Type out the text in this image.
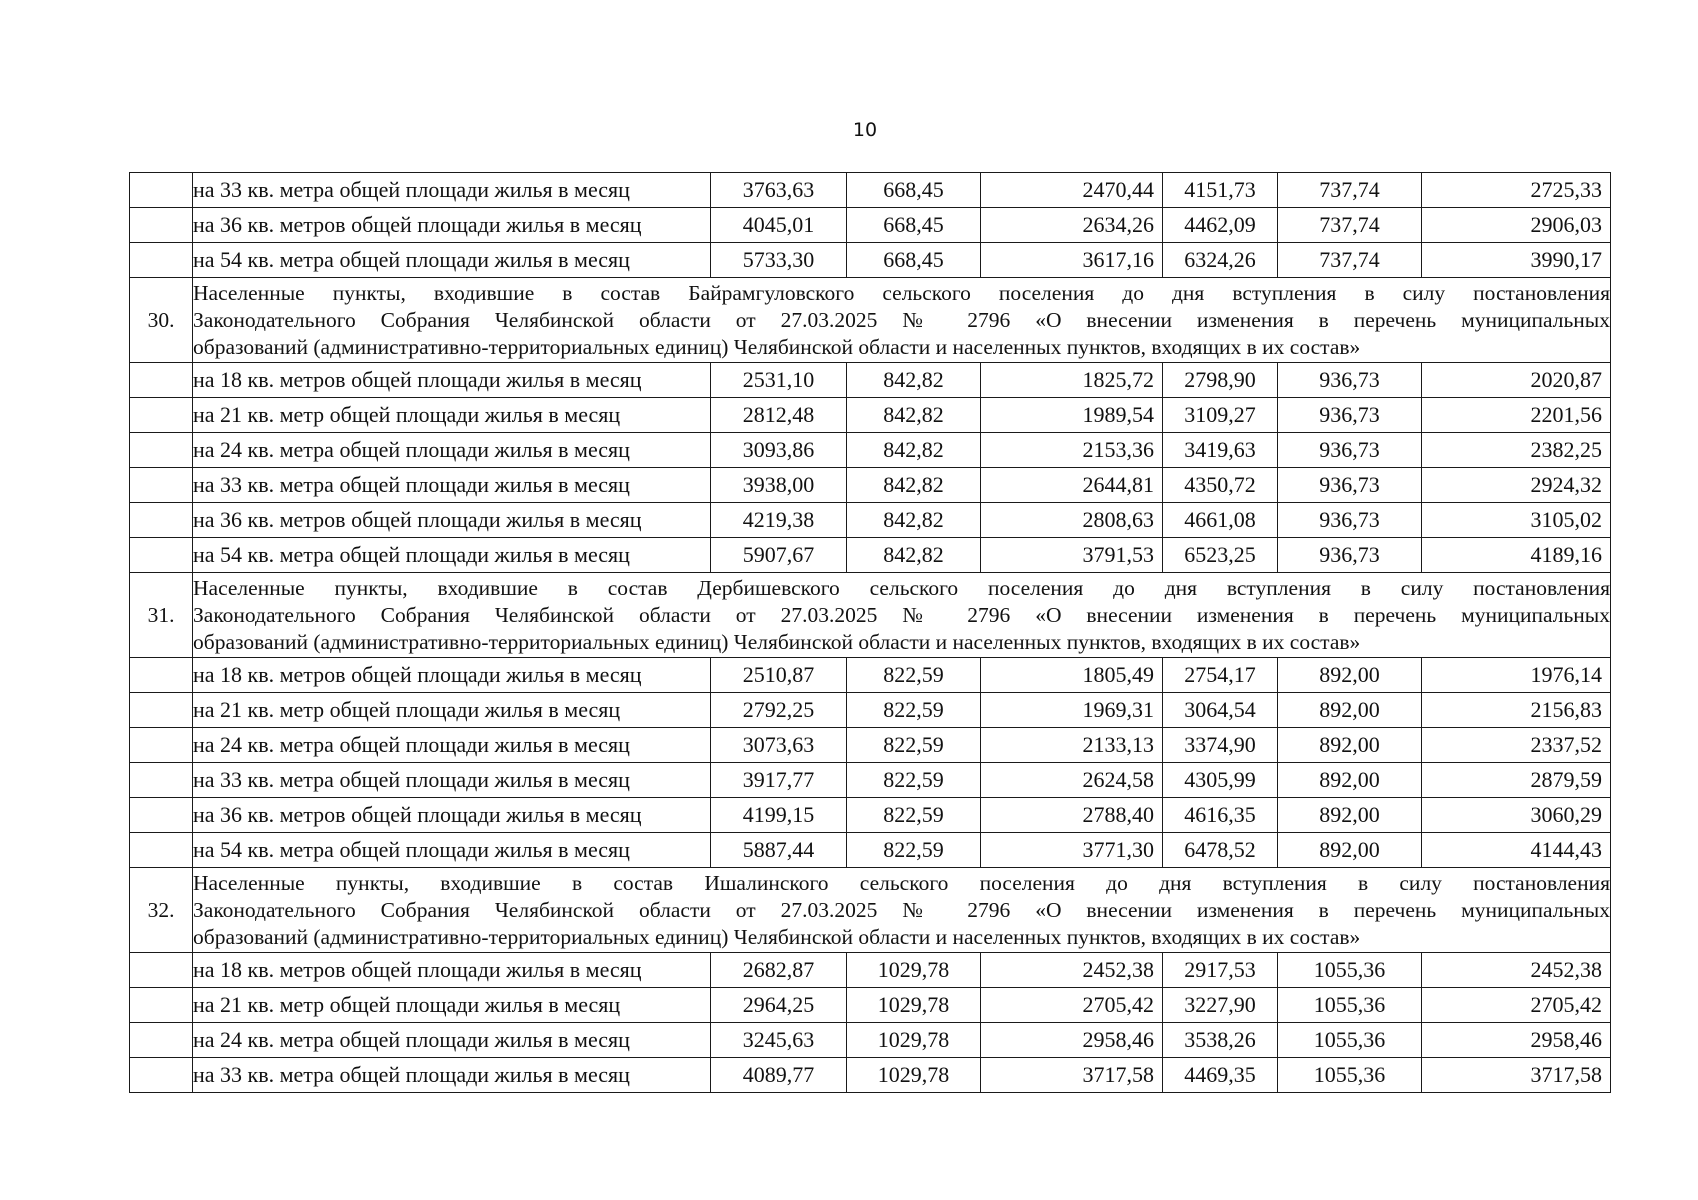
10
	на 33 кв. метра общей площади жилья в месяц	3763,63	668,45	2470,44	4151,73	737,74	2725,33
	на 36 кв. метров общей площади жилья в месяц	4045,01	668,45	2634,26	4462,09	737,74	2906,03
	на 54 кв. метра общей площади жилья в месяц	5733,30	668,45	3617,16	6324,26	737,74	3990,17
30.	Населенные пункты, входившие в состав Байрамгуловского сельского поселения до дня вступления в силу постановления
Законодательного Собрания Челябинской области от 27.03.2025 № 2796 «О внесении изменения в перечень муниципальных
образований (административно-территориальных единиц) Челябинской области и населенных пунктов, входящих в их состав»						

	на 18 кв. метров общей площади жилья в месяц	2531,10	842,82	1825,72	2798,90	936,73	2020,87
	на 21 кв. метр общей площади жилья в месяц	2812,48	842,82	1989,54	3109,27	936,73	2201,56
	на 24 кв. метра общей площади жилья в месяц	3093,86	842,82	2153,36	3419,63	936,73	2382,25
	на 33 кв. метра общей площади жилья в месяц	3938,00	842,82	2644,81	4350,72	936,73	2924,32
	на 36 кв. метров общей площади жилья в месяц	4219,38	842,82	2808,63	4661,08	936,73	3105,02
	на 54 кв. метра общей площади жилья в месяц	5907,67	842,82	3791,53	6523,25	936,73	4189,16
31.	Населенные пункты, входившие в состав Дербишевского сельского поселения до дня вступления в силу постановления
Законодательного Собрания Челябинской области от 27.03.2025 № 2796 «О внесении изменения в перечень муниципальных
образований (административно-территориальных единиц) Челябинской области и населенных пунктов, входящих в их состав»						

	на 18 кв. метров общей площади жилья в месяц	2510,87	822,59	1805,49	2754,17	892,00	1976,14
	на 21 кв. метр общей площади жилья в месяц	2792,25	822,59	1969,31	3064,54	892,00	2156,83
	на 24 кв. метра общей площади жилья в месяц	3073,63	822,59	2133,13	3374,90	892,00	2337,52
	на 33 кв. метра общей площади жилья в месяц	3917,77	822,59	2624,58	4305,99	892,00	2879,59
	на 36 кв. метров общей площади жилья в месяц	4199,15	822,59	2788,40	4616,35	892,00	3060,29
	на 54 кв. метра общей площади жилья в месяц	5887,44	822,59	3771,30	6478,52	892,00	4144,43
32.	Населенные пункты, входившие в состав Ишалинского сельского поселения до дня вступления в силу постановления
Законодательного Собрания Челябинской области от 27.03.2025 № 2796 «О внесении изменения в перечень муниципальных
образований (административно-территориальных единиц) Челябинской области и населенных пунктов, входящих в их состав»						

	на 18 кв. метров общей площади жилья в месяц	2682,87	1029,78	2452,38	2917,53	1055,36	2452,38
	на 21 кв. метр общей площади жилья в месяц	2964,25	1029,78	2705,42	3227,90	1055,36	2705,42
	на 24 кв. метра общей площади жилья в месяц	3245,63	1029,78	2958,46	3538,26	1055,36	2958,46
	на 33 кв. метра общей площади жилья в месяц	4089,77	1029,78	3717,58	4469,35	1055,36	3717,58
